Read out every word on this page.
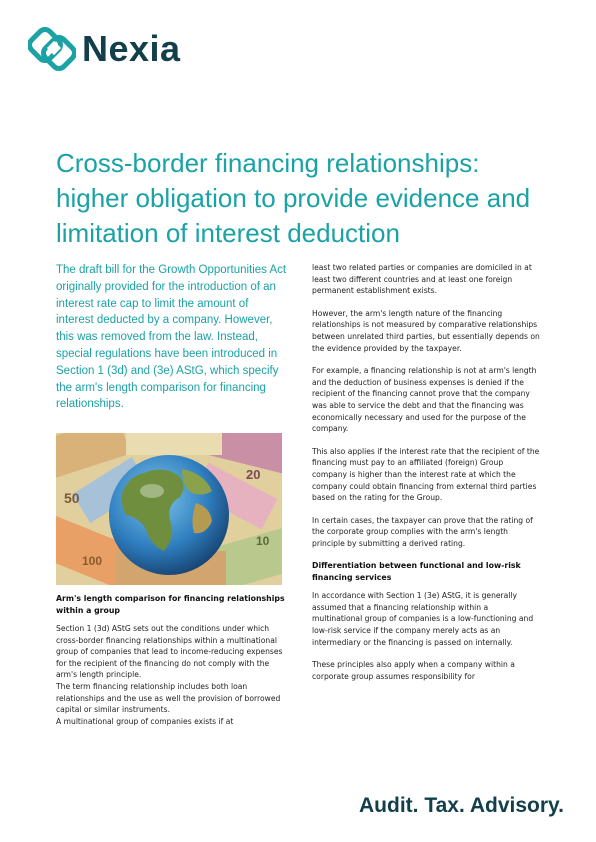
Nexia
Cross-border financing relationships: higher obligation to provide evidence and limitation of interest deduction

The draft bill for the Growth Opportunities Act originally provided for the introduction of an interest rate cap to limit the amount of interest deducted by a company. However, this was removed from the law. Instead, special regulations have been introduced in Section 1 (3d) and (3e) AStG, which specify the arm's length comparison for financing relationships.

50
20
10
100
Arm's length comparison for financing relationships within a group

Section 1 (3d) AStG sets out the conditions under which cross-border financing relationships within a multinational group of companies that lead to income-reducing expenses for the recipient of the financing do not comply with the arm's length principle.

The term financing relationship includes both loan relationships and the use as well the provision of borrowed capital or similar instruments.

A multinational group of companies exists if at

least two related parties or companies are domiciled in at least two different countries and at least one foreign permanent establishment exists.

However, the arm's length nature of the financing relationships is not measured by comparative relationships between unrelated third parties, but essentially depends on the evidence provided by the taxpayer.

For example, a financing relationship is not at arm's length and the deduction of business expenses is denied if the recipient of the financing cannot prove that the company was able to service the debt and that the financing was economically necessary and used for the purpose of the company.

This also applies if the interest rate that the recipient of the financing must pay to an affiliated (foreign) Group company is higher than the interest rate at which the company could obtain financing from external third parties based on the rating for the Group.

In certain cases, the taxpayer can prove that the rating of the corporate group complies with the arm's length principle by submitting a derived rating.

Differentiation between functional and low-risk financing services

In accordance with Section 1 (3e) AStG, it is generally assumed that a financing relationship within a multinational group of companies is a low-functioning and low-risk service if the company merely acts as an intermediary or the financing is passed on internally.

These principles also apply when a company within a corporate group assumes responsibility for

Audit. Tax. Advisory.
